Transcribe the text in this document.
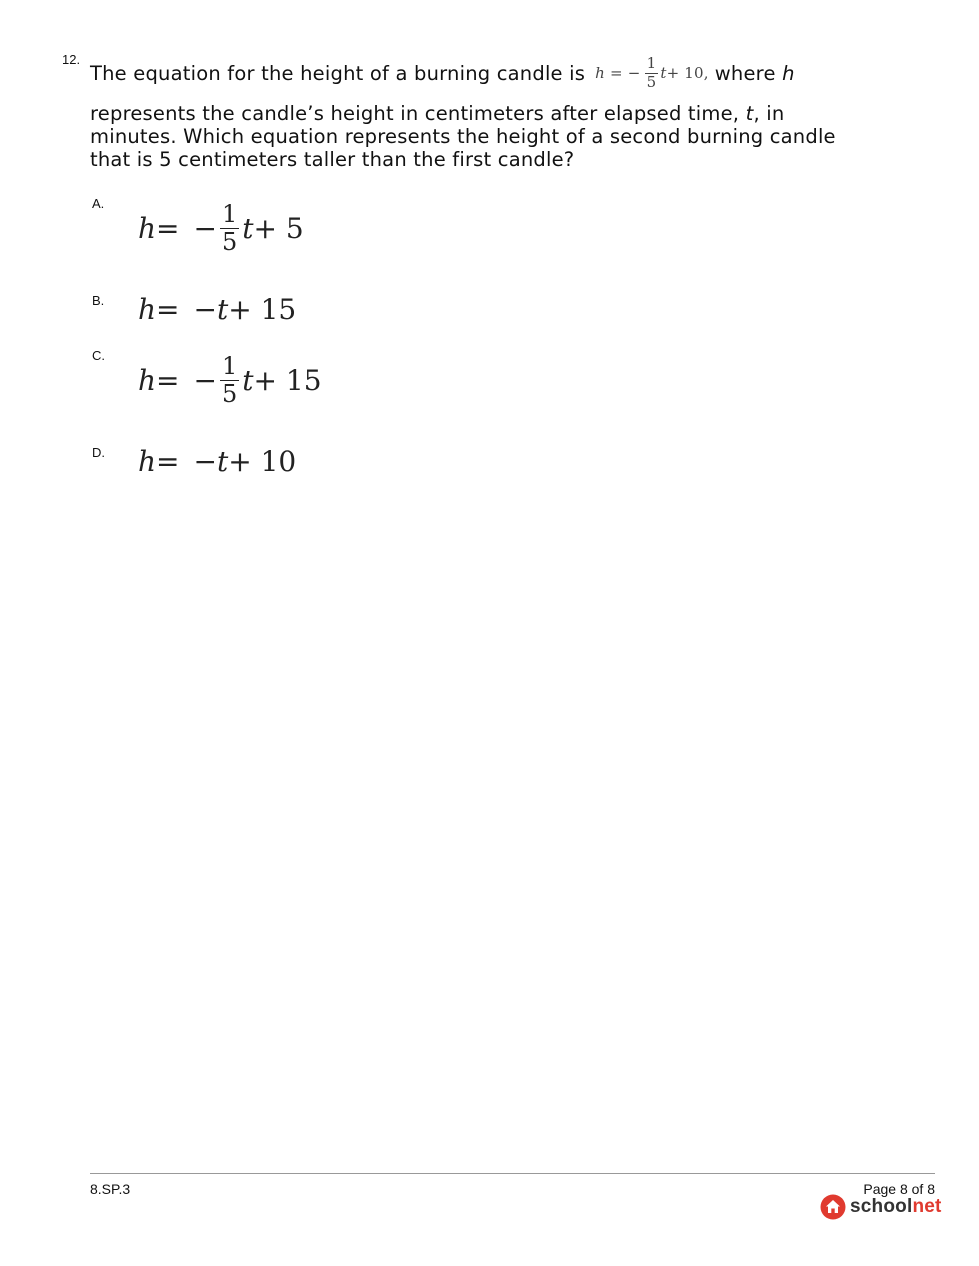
12.
The equation for the height of a burning candle is h = − $\frac{1}{5}$ t + 10 , where
h
represents the candle’s height in centimeters after elapsed time, t, in minutes. Which equation represents the height of a second burning candle that is 5 centimeters taller than the first candle?
A.
h = − $\frac{1}{5}$ t + 5
B. h = − t + 15
C.
h = − $\frac{1}{5}$ t + 15
D. h = − t + 10
8.SP.3	Page 8 of 8
schoolnet
